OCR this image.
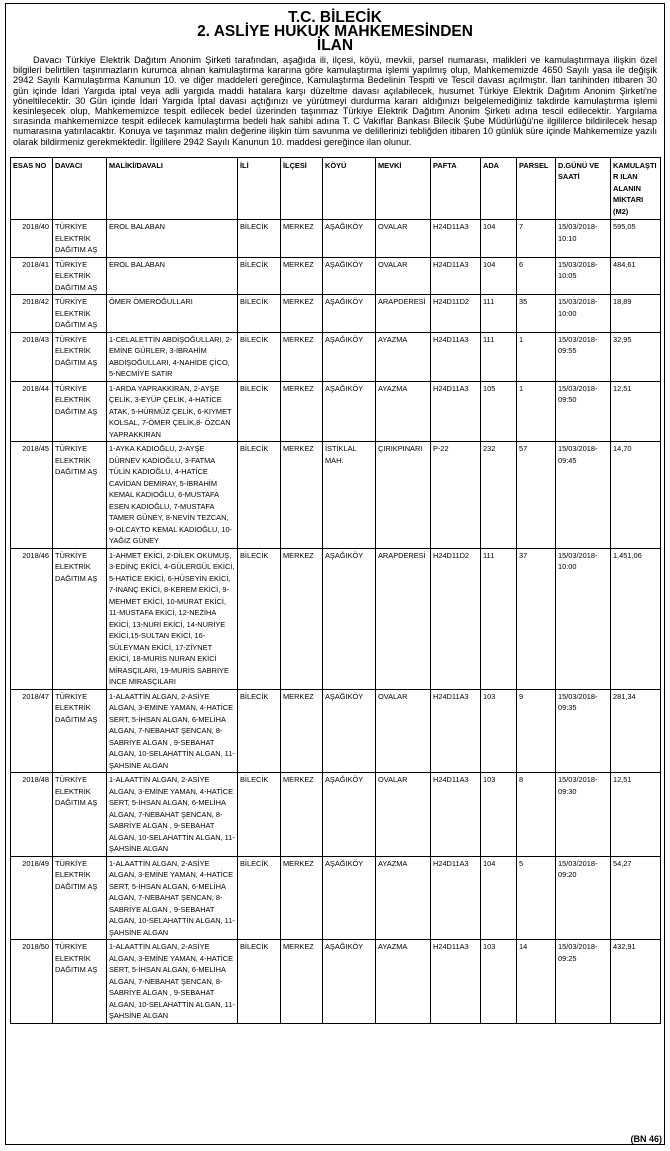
T.C. BİLECİK
2. ASLİYE HUKUK MAHKEMESİNDEN
İLAN
Davacı Türkiye Elektrik Dağıtım Anonim Şirketi tarafından, aşağıda ili, ilçesi, köyü, mevkii, parsel numarası, malikleri ve kamulaştırmaya ilişkin özel bilgileri belirtilen taşınmazların kurumca alınan kamulaştırma kararına göre kamulaştırma işlemi yapılmış olup, Mahkememizde 4650 Sayılı yasa ile değişik 2942 Sayılı Kamulaştırma Kanunun 10. ve diğer maddeleri gereğince, Kamulaştırma Bedelinin Tespiti ve Tescil davası açılmıştır. İlan tarihinden itibaren 30 gün içinde İdari Yargıda iptal veya adli yargıda maddi hatalara karşı düzeltme davası açılabilecek, husumet Türkiye Elektrik Dağıtım Anonim Şirketi'ne yöneltilecektir. 30 Gün içinde İdari Yargıda İptal davası açtığınızı ve yürütmeyi durdurma kararı aldığınızı belgelemediğiniz takdirde kamulaştırma işlemi kesinleşecek olup, Mahkememizce tespit edilecek bedel üzerinden taşınmaz Türkiye Elektrik Dağıtım Anonim Şirketi adına tescil edilecektir. Yargılama sırasında mahkememizce tespit edilecek kamulaştırma bedeli hak sahibi adına T. C Vakıflar Bankası Bilecik Şube Müdürlüğü'ne ilgililerce bildirilecek hesap numarasına yatırılacaktır. Konuya ve taşınmaz malın değerine ilişkin tüm savunma ve delillerinizi tebliğden itibaren 10 günlük süre içinde Mahkememize yazılı olarak bildirmeniz gerekmektedir. İlgililere 2942 Sayılı Kanunun 10. maddesi gereğince ilan olunur.
ESAS NO	DAVACI	MALİKİ/DAVALI	İLİ	İLÇESİ	KÖYÜ	MEVKİ	PAFTA	ADA	PARSEL	D.GÜNÜ VE SAATİ	KAMULAŞTIR ILAN ALANIN MİKTARI (M2)
2018/40	TÜRKİYE ELEKTRİK DAĞITIM AŞ	EROL BALABAN	BİLECİK	MERKEZ	AŞAĞIKÖY	OVALAR	H24D11A3	104	7	15/03/2018-10:10	595,05
2018/41	TÜRKİYE ELEKTRİK DAĞITIM AŞ	EROL BALABAN	BİLECİK	MERKEZ	AŞAĞIKÖY	OVALAR	H24D11A3	104	6	15/03/2018-10:05	484,61
2018/42	TÜRKİYE ELEKTRİK DAĞITIM AŞ	ÖMER ÖMEROĞULLARI	BİLECİK	MERKEZ	AŞAĞIKÖY	ARAPDERESİ	H24D11D2	111	35	15/03/2018-10:00	18,89
2018/43	TÜRKİYE ELEKTRİK DAĞITIM AŞ	1-CELALETTİN ABDİŞOĞULLARI, 2-EMİNE GÜRLER, 3-İBRAHİM ABDİŞOĞULLARI, 4-NAHİDE ÇİCO, 5-NECMİYE SATIR	BİLECİK	MERKEZ	AŞAĞIKÖY	AYAZMA	H24D11A3	111	1	15/03/2018-09:55	32,95
2018/44	TÜRKİYE ELEKTRİK DAĞITIM AŞ	1-ARDA YAPRAKKIRAN, 2-AYŞE ÇELİK, 3-EYÜP ÇELİK, 4-HATİCE ATAK, 5-HÜRMÜZ ÇELİK, 6-KIYMET KOLSAL, 7-ÖMER ÇELİK,8- ÖZCAN YAPRAKKIRAN	BİLECİK	MERKEZ	AŞAĞIKÖY	AYAZMA	H24D11A3	105	1	15/03/2018-09:50	12,51
2018/45	TÜRKİYE ELEKTRİK DAĞITIM AŞ	1-AYKA KADIOĞLU, 2-AYŞE DÜRNEV KADIOĞLU, 3-FATMA TÜLİN KADIOĞLU, 4-HATİCE CAVİDAN DEMİRAY, 5-İBRAHİM KEMAL KADIOĞLU, 6-MUSTAFA ESEN KADIOĞLU, 7-MUSTAFA TAMER GÜNEY, 8-NEVİN TEZCAN, 9-OLCAYTO KEMAL KADIOĞLU, 10-YAĞIZ GÜNEY	BİLECİK	MERKEZ	İSTİKLAL MAH.	ÇIRIKPINARI	P-22	232	57	15/03/2018-09:45	14,70
2018/46	TÜRKİYE ELEKTRİK DAĞITIM AŞ	1-AHMET EKİCİ, 2-DİLEK OKUMUŞ, 3-EDİNÇ EKİCİ, 4-GÜLERGÜL EKİCİ, 5-HATİCE EKİCİ, 6-HÜSEYİN EKİCİ, 7-İNANÇ EKİCİ, 8-KEREM EKİCİ, 9-MEHMET EKİCİ, 10-MURAT EKİCİ, 11-MUSTAFA EKİCİ, 12-NEZİHA EKİCİ, 13-NURİ EKİCİ, 14-NURİYE EKİCİ,15-SULTAN EKİCİ, 16-SÜLEYMAN EKİCİ, 17-ZİYNET EKİCİ, 18-MURİS NURAN EKİCİ MİRASÇILARI, 19-MURİS SABRİYE İNCE MİRASÇILARI	BİLECİK	MERKEZ	AŞAĞIKÖY	ARAPDERESİ	H24D11D2	111	37	15/03/2018-10:00	1.451,06
2018/47	TÜRKİYE ELEKTRİK DAĞITIM AŞ	1-ALAATTİN ALGAN, 2-ASİYE ALGAN, 3-EMİNE YAMAN, 4-HATİCE SERT, 5-İHSAN ALGAN, 6-MELİHA ALGAN, 7-NEBAHAT ŞENCAN, 8-SABRİYE ALGAN , 9-SEBAHAT ALGAN, 10-SELAHATTİN ALGAN, 11-ŞAHSİNE ALGAN	BİLECİK	MERKEZ	AŞAĞIKÖY	OVALAR	H24D11A3	103	9	15/03/2018-09:35	281,34
2018/48	TÜRKİYE ELEKTRİK DAĞITIM AŞ	1-ALAATTİN ALGAN, 2-ASİYE ALGAN, 3-EMİNE YAMAN, 4-HATİCE SERT, 5-İHSAN ALGAN, 6-MELİHA ALGAN, 7-NEBAHAT ŞENCAN, 8-SABRİYE ALGAN , 9-SEBAHAT ALGAN, 10-SELAHATTİN ALGAN, 11-ŞAHSİNE ALGAN	BİLECİK	MERKEZ	AŞAĞIKÖY	OVALAR	H24D11A3	103	8	15/03/2018-09:30	12,51
2018/49	TÜRKİYE ELEKTRİK DAĞITIM AŞ	1-ALAATTİN ALGAN, 2-ASİYE ALGAN, 3-EMİNE YAMAN, 4-HATİCE SERT, 5-İHSAN ALGAN, 6-MELİHA ALGAN, 7-NEBAHAT ŞENCAN, 8-SABRİYE ALGAN , 9-SEBAHAT ALGAN, 10-SELAHATTİN ALGAN, 11-ŞAHSİNE ALGAN	BİLECİK	MERKEZ	AŞAĞIKÖY	AYAZMA	H24D11A3	104	5	15/03/2018-09:20	54,27
2018/50	TÜRKİYE ELEKTRİK DAĞITIM AŞ	1-ALAATTİN ALGAN, 2-ASİYE ALGAN, 3-EMİNE YAMAN, 4-HATİCE SERT, 5-İHSAN ALGAN, 6-MELİHA ALGAN, 7-NEBAHAT ŞENCAN, 8-SABRİYE ALGAN , 9-SEBAHAT ALGAN, 10-SELAHATTİN ALGAN, 11-ŞAHSİNE ALGAN	BİLECİK	MERKEZ	AŞAĞIKÖY	AYAZMA	H24D11A3	103	14	15/03/2018-09:25	432,91
(BN 46)
